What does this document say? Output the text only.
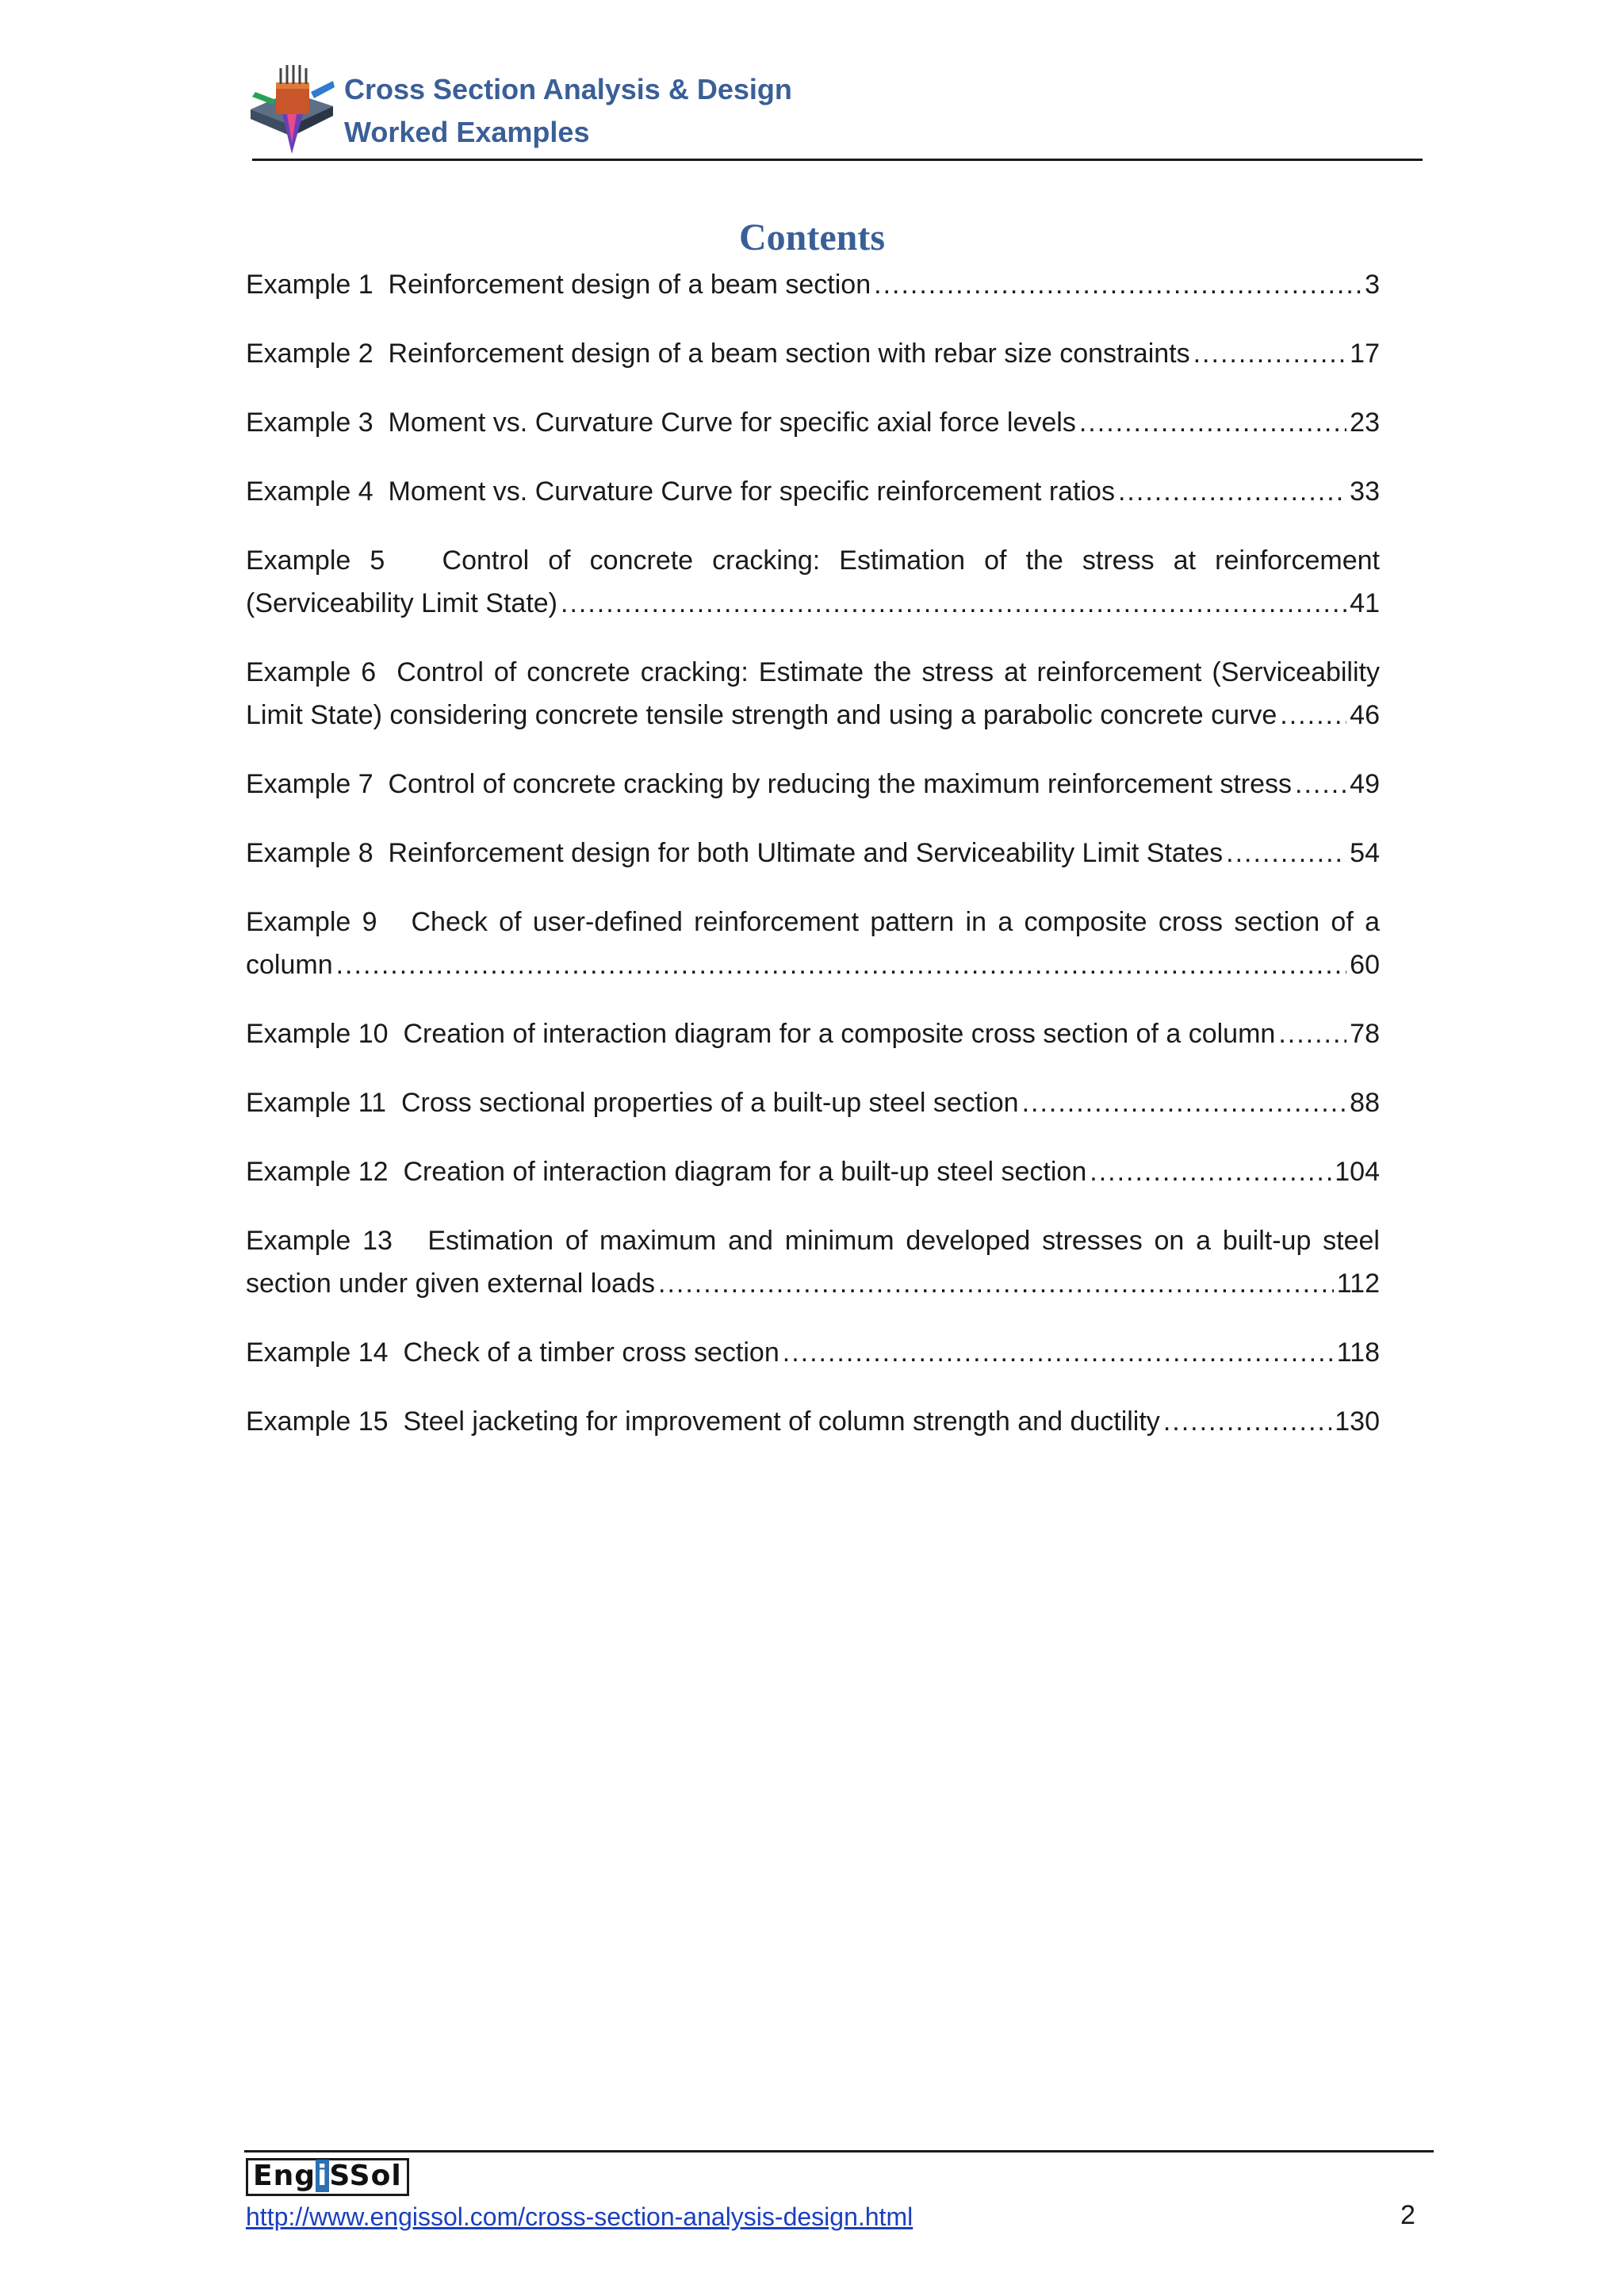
Cross Section Analysis & Design
Worked Examples
Contents
Example 1 Reinforcement design of a beam section .....	3
Example 2 Reinforcement design of a beam section with rebar size constraints .....	17
Example 3 Moment vs. Curvature Curve for specific axial force levels .....	23
Example 4 Moment vs. Curvature Curve for specific reinforcement ratios .....	33
Example 5 Control of concrete cracking: Estimation of the stress at reinforcement
(Serviceability Limit State) .....	41
Example 6 Control of concrete cracking: Estimate the stress at reinforcement (Serviceability
Limit State) considering concrete tensile strength and using a parabolic concrete curve .....	46
Example 7 Control of concrete cracking by reducing the maximum reinforcement stress ..... 49
Example 8 Reinforcement design for both Ultimate and Serviceability Limit States .....	54
Example 9 Check of user-defined reinforcement pattern in a composite cross section of a
column .....	60
Example 10 Creation of interaction diagram for a composite cross section of a column .....	78
Example 11 Cross sectional properties of a built-up steel section .....	88
Example 12 Creation of interaction diagram for a built-up steel section .....	104
Example 13 Estimation of maximum and minimum developed stresses on a built-up steel
section under given external loads .....	112
Example 14 Check of a timber cross section .....	118
Example 15 Steel jacketing for improvement of column strength and ductility .....	130
EngiSSol
http://www.engissol.com/cross-section-analysis-design.html	2
